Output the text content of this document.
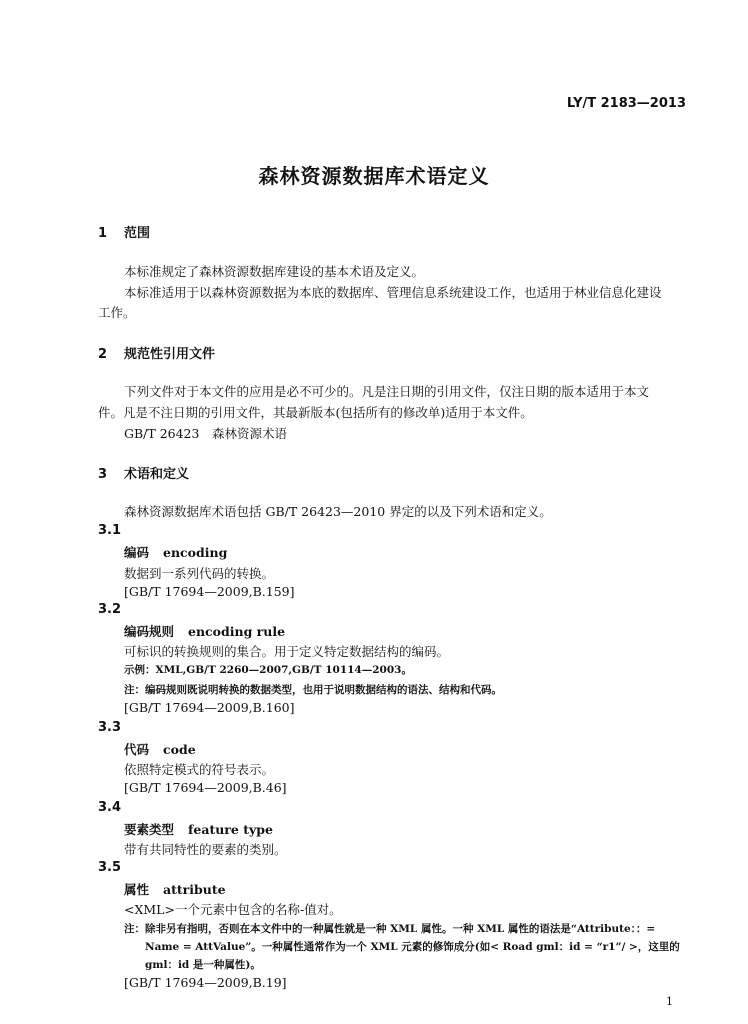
LY/T 2183—2013
森林资源数据库术语定义
1 范围
本标准规定了森林资源数据库建设的基本术语及定义。
本标准适用于以森林资源数据为本底的数据库、管理信息系统建设工作，也适用于林业信息化建设
工作。
2 规范性引用文件
下列文件对于本文件的应用是必不可少的。凡是注日期的引用文件，仅注日期的版本适用于本文
件。凡是不注日期的引用文件，其最新版本(包括所有的修改单)适用于本文件。
GB/T 26423　森林资源术语
3 术语和定义
森林资源数据库术语包括 GB/T 26423—2010 界定的以及下列术语和定义。
3.1
编码 encoding
数据到一系列代码的转换。
[GB/T 17694—2009,B.159]
3.2
编码规则 encoding rule
可标识的转换规则的集合。用于定义特定数据结构的编码。
示例：XML,GB/T 2260—2007,GB/T 10114—2003。
注：编码规则既说明转换的数据类型，也用于说明数据结构的语法、结构和代码。
[GB/T 17694—2009,B.160]
3.3
代码 code
依照特定模式的符号表示。
[GB/T 17694—2009,B.46]
3.4
要素类型 feature type
带有共同特性的要素的类别。
3.5
属性 attribute
<XML>一个元素中包含的名称-值对。
注：除非另有指明，否则在本文件中的一种属性就是一种 XML 属性。一种 XML 属性的语法是“Attribute：：=
Name = AttValue”。一种属性通常作为一个 XML 元素的修饰成分(如< Road gml：id = “r1”/ >，这里的
gml：id 是一种属性)。
[GB/T 17694—2009,B.19]
1
